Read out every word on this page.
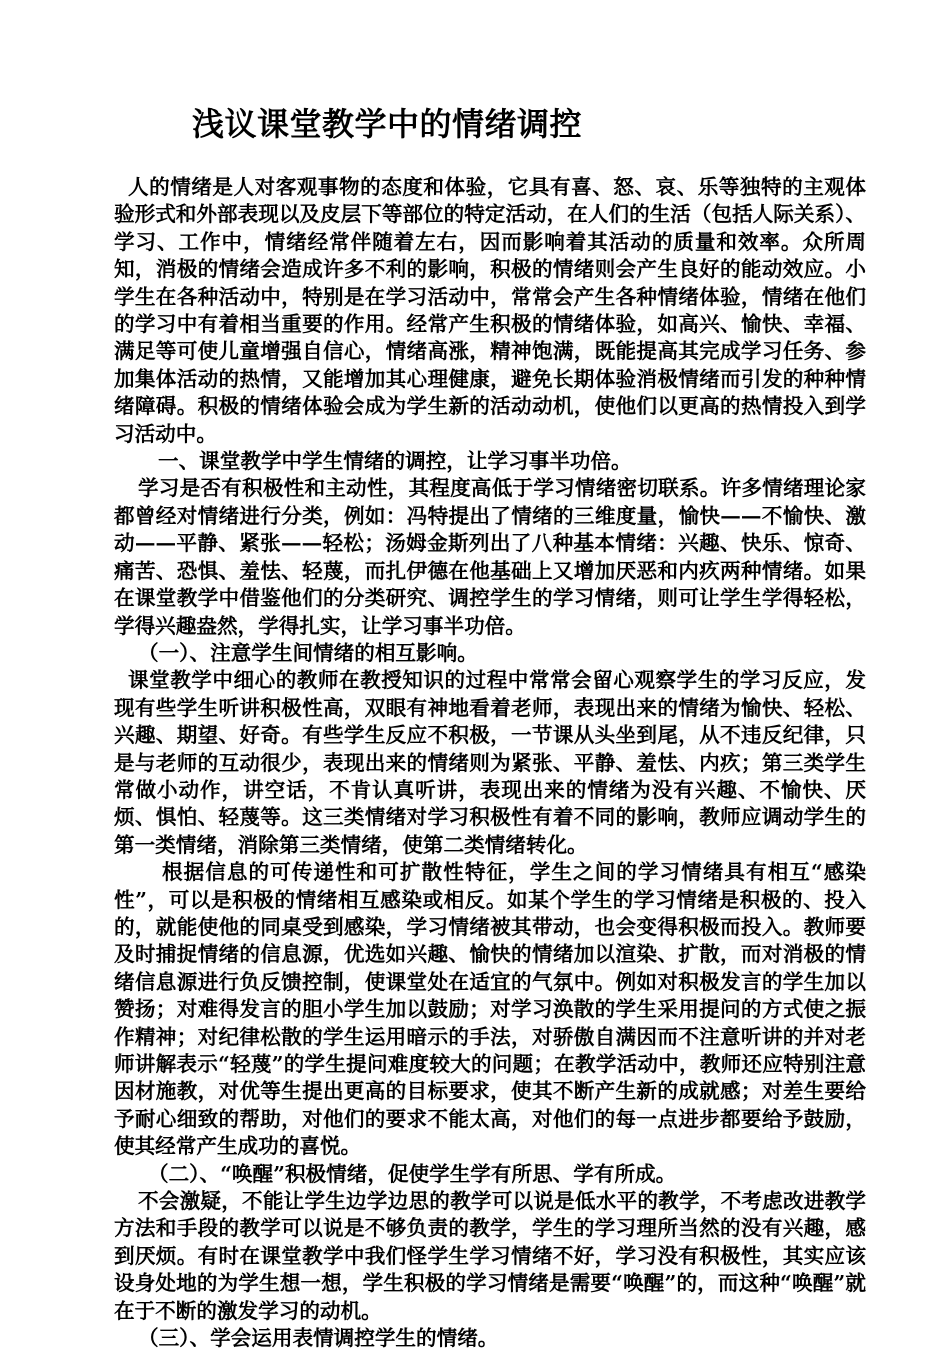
浅议课堂教学中的情绪调控

人的情绪是人对客观事物的态度和体验，它具有喜、怒、哀、乐等独特的主观体验形式和外部表现以及皮层下等部位的特定活动，在人们的生活（包括人际关系）、学习、工作中，情绪经常伴随着左右，因而影响着其活动的质量和效率。众所周知，消极的情绪会造成许多不利的影响，积极的情绪则会产生良好的能动效应。小学生在各种活动中，特别是在学习活动中，常常会产生各种情绪体验，情绪在他们的学习中有着相当重要的作用。经常产生积极的情绪体验，如高兴、愉快、幸福、满足等可使儿童增强自信心，情绪高涨，精神饱满，既能提高其完成学习任务、参加集体活动的热情，又能增加其心理健康，避免长期体验消极情绪而引发的种种情绪障碍。积极的情绪体验会成为学生新的活动动机，使他们以更高的热情投入到学习活动中。

一、课堂教学中学生情绪的调控，让学习事半功倍。

学习是否有积极性和主动性，其程度高低于学习情绪密切联系。许多情绪理论家都曾经对情绪进行分类，例如：冯特提出了情绪的三维度量，愉快——不愉快、激动——平静、紧张——轻松；汤姆金斯列出了八种基本情绪：兴趣、快乐、惊奇、痛苦、恐惧、羞怯、轻蔑，而扎伊德在他基础上又增加厌恶和内疚两种情绪。如果在课堂教学中借鉴他们的分类研究、调控学生的学习情绪，则可让学生学得轻松，学得兴趣盎然，学得扎实，让学习事半功倍。

（一）、注意学生间情绪的相互影响。

课堂教学中细心的教师在教授知识的过程中常常会留心观察学生的学习反应，发现有些学生听讲积极性高，双眼有神地看着老师，表现出来的情绪为愉快、轻松、兴趣、期望、好奇。有些学生反应不积极，一节课从头坐到尾，从不违反纪律，只是与老师的互动很少，表现出来的情绪则为紧张、平静、羞怯、内疚；第三类学生常做小动作，讲空话，不肯认真听讲，表现出来的情绪为没有兴趣、不愉快、厌烦、惧怕、轻蔑等。这三类情绪对学习积极性有着不同的影响，教师应调动学生的第一类情绪，消除第三类情绪，使第二类情绪转化。

根据信息的可传递性和可扩散性特征，学生之间的学习情绪具有相互“感染性”，可以是积极的情绪相互感染或相反。如某个学生的学习情绪是积极的、投入的，就能使他的同桌受到感染，学习情绪被其带动，也会变得积极而投入。教师要及时捕捉情绪的信息源，优选如兴趣、愉快的情绪加以渲染、扩散，而对消极的情绪信息源进行负反馈控制，使课堂处在适宜的气氛中。例如对积极发言的学生加以赞扬；对难得发言的胆小学生加以鼓励；对学习涣散的学生采用提问的方式使之振作精神；对纪律松散的学生运用暗示的手法，对骄傲自满因而不注意听讲的并对老师讲解表示“轻蔑”的学生提问难度较大的问题；在教学活动中，教师还应特别注意因材施教，对优等生提出更高的目标要求，使其不断产生新的成就感；对差生要给予耐心细致的帮助，对他们的要求不能太高，对他们的每一点进步都要给予鼓励，使其经常产生成功的喜悦。

（二）、“唤醒”积极情绪，促使学生学有所思、学有所成。

不会激疑，不能让学生边学边思的教学可以说是低水平的教学，不考虑改进教学方法和手段的教学可以说是不够负责的教学，学生的学习理所当然的没有兴趣，感到厌烦。有时在课堂教学中我们怪学生学习情绪不好，学习没有积极性，其实应该设身处地的为学生想一想，学生积极的学习情绪是需要“唤醒”的，而这种“唤醒”就在于不断的激发学习的动机。

（三）、学会运用表情调控学生的情绪。
